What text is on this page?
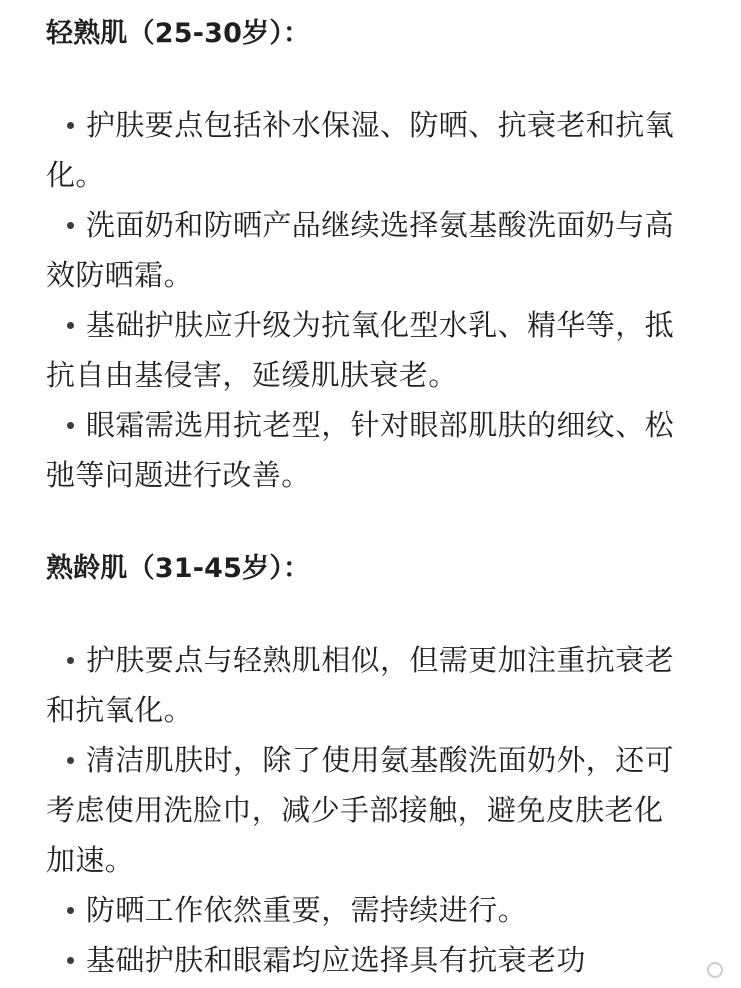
轻熟肌（25-30岁）：
护肤要点包括补水保湿、防晒、抗衰老和抗氧化。
洗面奶和防晒产品继续选择氨基酸洗面奶与高效防晒霜。
基础护肤应升级为抗氧化型水乳、精华等，抵抗自由基侵害，延缓肌肤衰老。
眼霜需选用抗老型，针对眼部肌肤的细纹、松弛等问题进行改善。
熟龄肌（31-45岁）：
护肤要点与轻熟肌相似，但需更加注重抗衰老和抗氧化。
清洁肌肤时，除了使用氨基酸洗面奶外，还可考虑使用洗脸巾，减少手部接触，避免皮肤老化加速。
防晒工作依然重要，需持续进行。
基础护肤和眼霜均应选择具有抗衰老功
